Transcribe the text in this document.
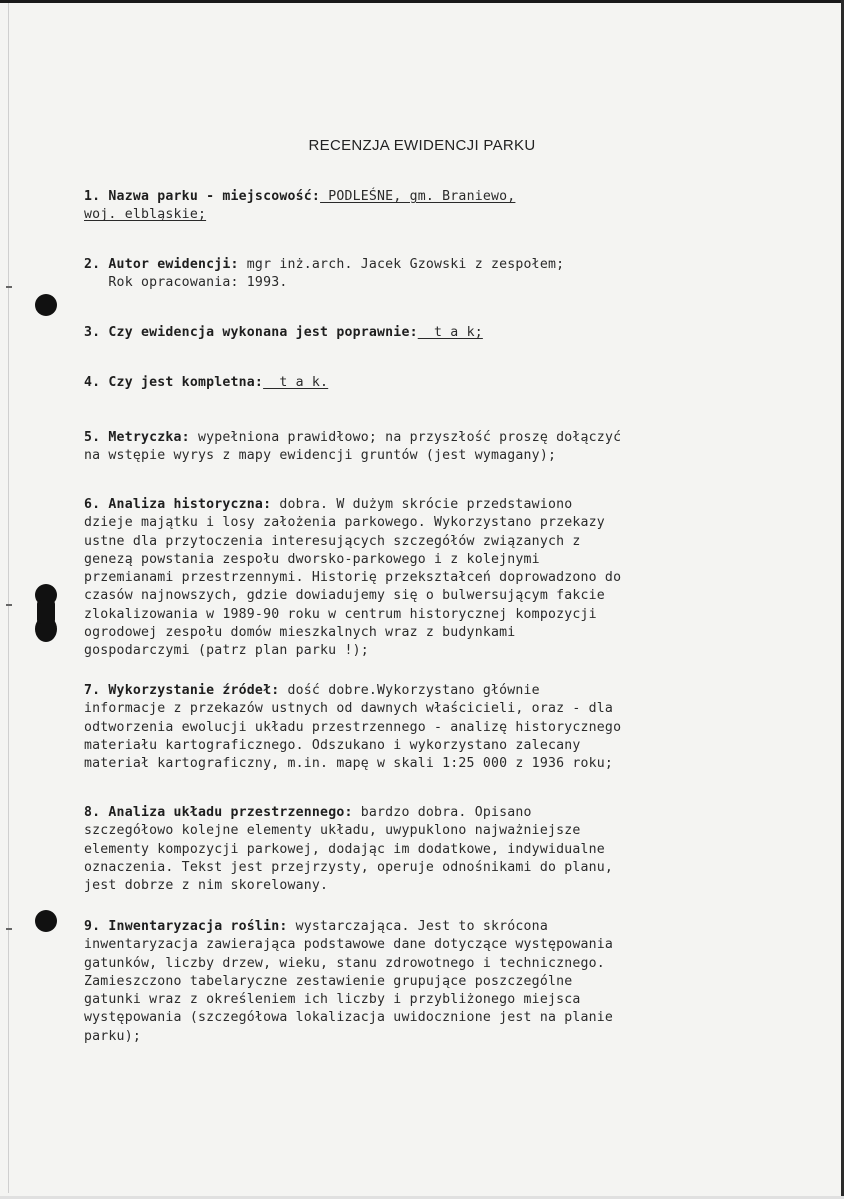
RECENZJA EWIDENCJI PARKU

1. Nazwa parku - miejscowość: PODLEŚNE, gm. Braniewo,
woj. elbląskie;

2. Autor ewidencji: mgr inż.arch. Jacek Gzowski z zespołem;
Rok opracowania: 1993.

3. Czy ewidencja wykonana jest poprawnie:  t a k;

4. Czy jest kompletna:  t a k.

5. Metryczka: wypełniona prawidłowo; na przyszłość proszę dołączyć
na wstępie wyrys z mapy ewidencji gruntów (jest wymagany);

6. Analiza historyczna: dobra. W dużym skrócie przedstawiono
dzieje majątku i losy założenia parkowego. Wykorzystano przekazy
ustne dla przytoczenia interesujących szczegółów związanych z
genezą powstania zespołu dworsko-parkowego i z kolejnymi
przemianami przestrzennymi. Historię przekształceń doprowadzono do
czasów najnowszych, gdzie dowiadujemy się o bulwersującym fakcie
zlokalizowania w 1989-90 roku w centrum historycznej kompozycji
ogrodowej zespołu domów mieszkalnych wraz z budynkami
gospodarczymi (patrz plan parku !);

7. Wykorzystanie źródeł: dość dobre.Wykorzystano głównie
informacje z przekazów ustnych od dawnych właścicieli, oraz - dla
odtworzenia ewolucji układu przestrzennego - analizę historycznego
materiału kartograficznego. Odszukano i wykorzystano zalecany
materiał kartograficzny, m.in. mapę w skali 1:25 000 z 1936 roku;

8. Analiza układu przestrzennego: bardzo dobra. Opisano
szczegółowo kolejne elementy układu, uwypuklono najważniejsze
elementy kompozycji parkowej, dodając im dodatkowe, indywidualne
oznaczenia. Tekst jest przejrzysty, operuje odnośnikami do planu,
jest dobrze z nim skorelowany.

9. Inwentaryzacja roślin: wystarczająca. Jest to skrócona
inwentaryzacja zawierająca podstawowe dane dotyczące występowania
gatunków, liczby drzew, wieku, stanu zdrowotnego i technicznego.
Zamieszczono tabelaryczne zestawienie grupujące poszczególne
gatunki wraz z określeniem ich liczby i przybliżonego miejsca
występowania (szczegółowa lokalizacja uwidocznione jest na planie
parku);
